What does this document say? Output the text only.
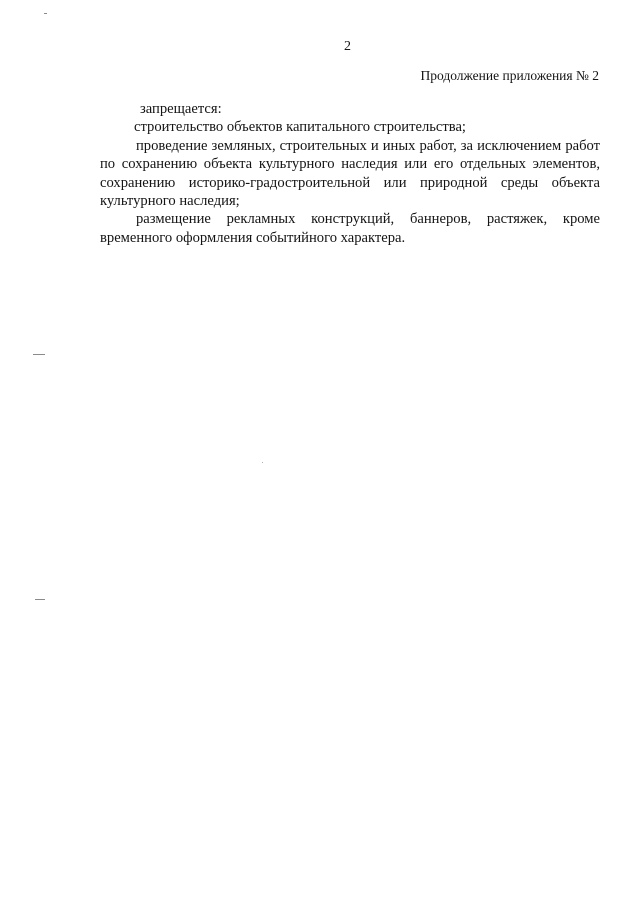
2
Продолжение приложения № 2

запрещается:

строительство объектов капитального строительства;

проведение земляных, строительных и иных работ, за исключением работ по сохранению объекта культурного наследия или его отдельных элементов, сохранению историко-градостроительной или природной среды объекта культурного наследия;

размещение рекламных конструкций, баннеров, растяжек, кроме временного оформления событийного характера.
